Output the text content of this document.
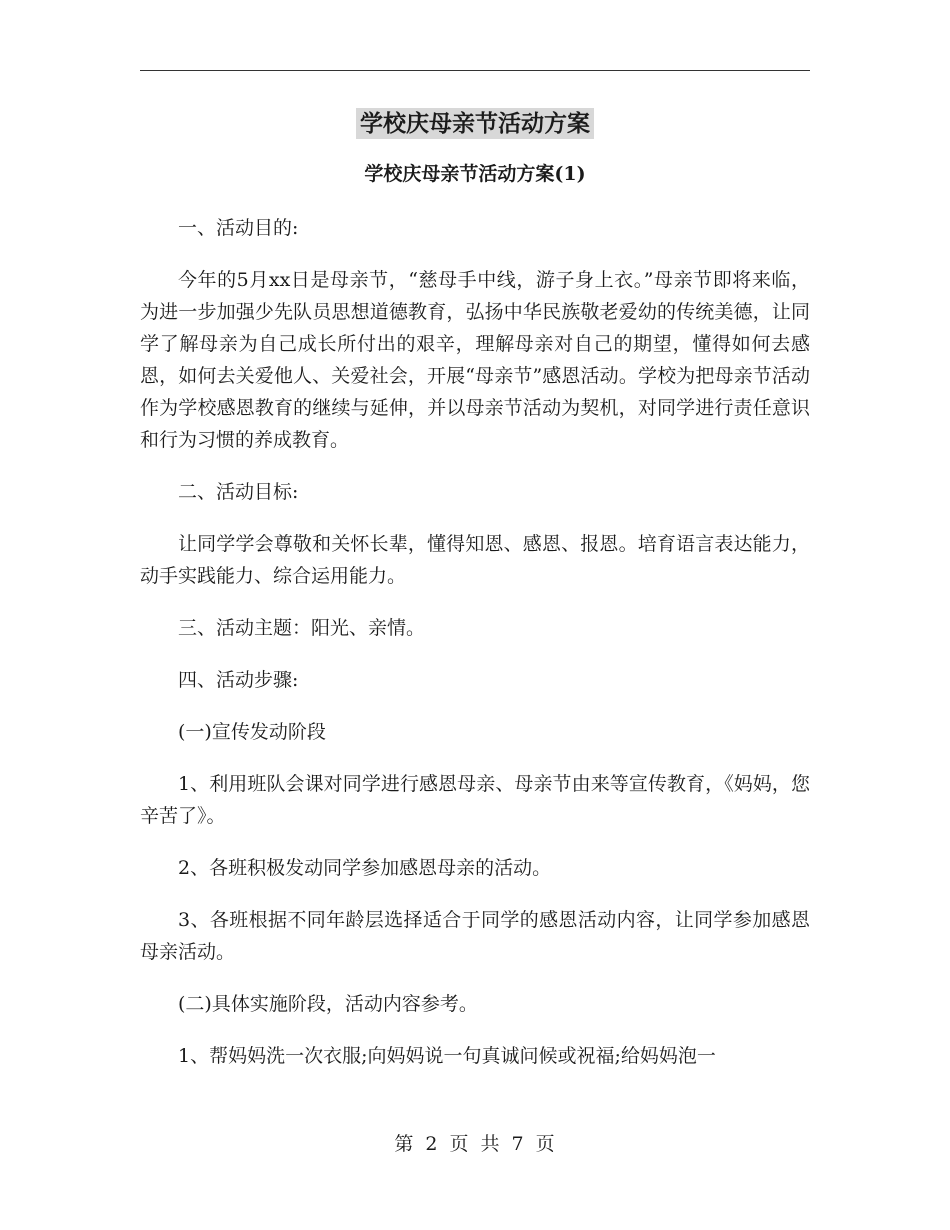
学校庆母亲节活动方案
学校庆母亲节活动方案(1)

一、活动目的:

今年的5月xx日是母亲节，“慈母手中线，游子身上衣。”母亲节即将来临，为进一步加强少先队员思想道德教育，弘扬中华民族敬老爱幼的传统美德，让同学了解母亲为自己成长所付出的艰辛，理解母亲对自己的期望，懂得如何去感恩，如何去关爱他人、关爱社会，开展“母亲节”感恩活动。学校为把母亲节活动作为学校感恩教育的继续与延伸，并以母亲节活动为契机，对同学进行责任意识和行为习惯的养成教育。

二、活动目标:

让同学学会尊敬和关怀长辈，懂得知恩、感恩、报恩。培育语言表达能力，动手实践能力、综合运用能力。

三、活动主题：阳光、亲情。

四、活动步骤:

(一)宣传发动阶段

1、利用班队会课对同学进行感恩母亲、母亲节由来等宣传教育，《妈妈，您辛苦了》。

2、各班积极发动同学参加感恩母亲的活动。

3、各班根据不同年龄层选择适合于同学的感恩活动内容，让同学参加感恩母亲活动。

(二)具体实施阶段，活动内容参考。

1、帮妈妈洗一次衣服;向妈妈说一句真诚问候或祝福;给妈妈泡一

第 2 页 共 7 页
